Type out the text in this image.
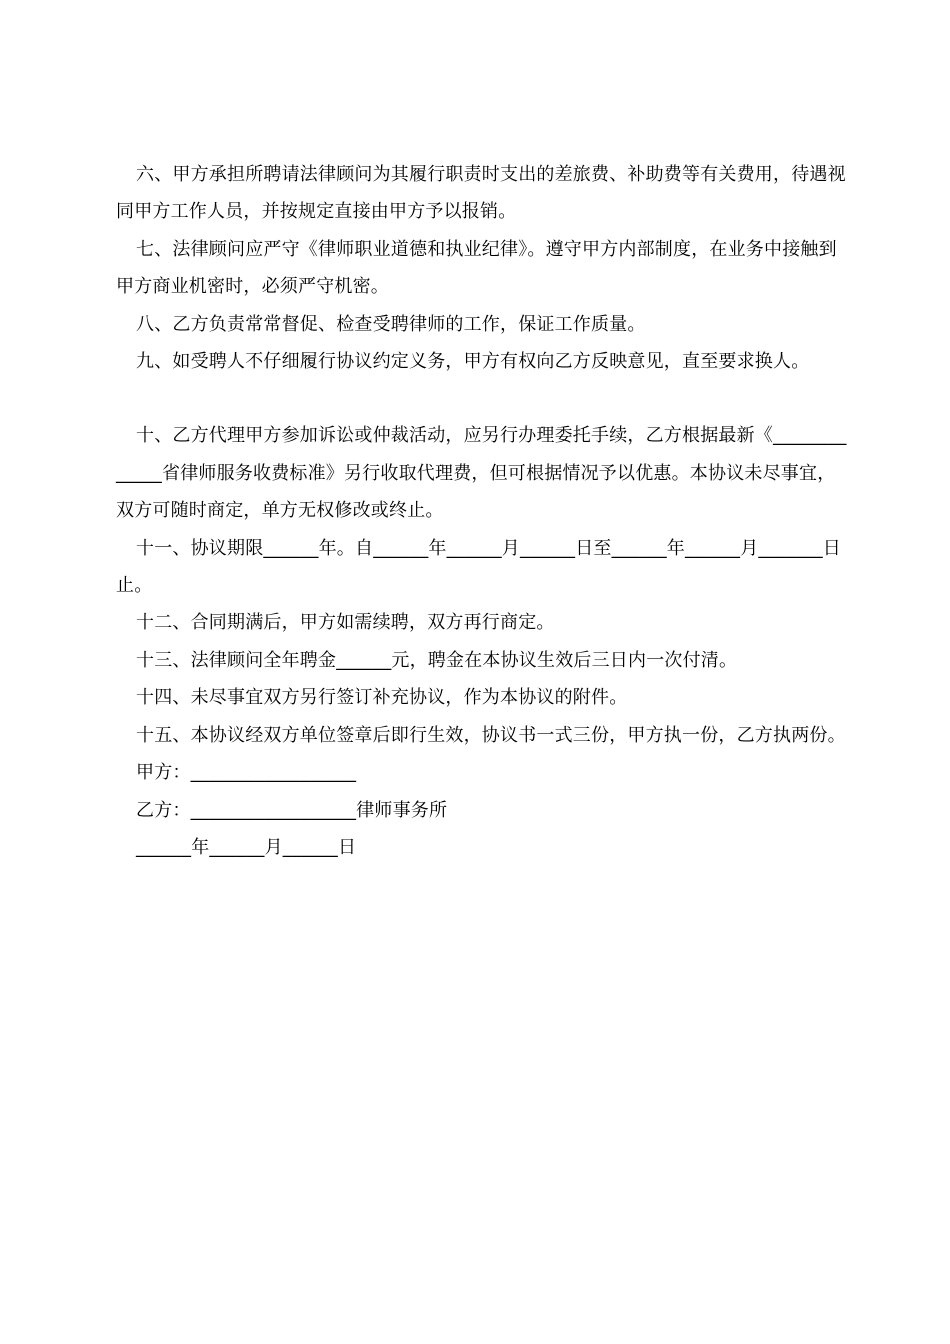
六、甲方承担所聘请法律顾问为其履行职责时支出的差旅费、补助费等有关费用，待遇视同甲方工作人员，并按规定直接由甲方予以报销。

七、法律顾问应严守《律师职业道德和执业纪律》。遵守甲方内部制度，在业务中接触到甲方商业机密时，必须严守机密。

八、乙方负责常常督促、检查受聘律师的工作，保证工作质量。

九、如受聘人不仔细履行协议约定义务，甲方有权向乙方反映意见，直至要求换人。

十、乙方代理甲方参加诉讼或仲裁活动，应另行办理委托手续，乙方根据最新《_____________省律师服务收费标准》另行收取代理费，但可根据情况予以优惠。本协议未尽事宜，双方可随时商定，单方无权修改或终止。

十一、协议期限______年。自______年______月______日至______年______月_______日止。

十二、合同期满后，甲方如需续聘，双方再行商定。

十三、法律顾问全年聘金______元，聘金在本协议生效后三日内一次付清。

十四、未尽事宜双方另行签订补充协议，作为本协议的附件。

十五、本协议经双方单位签章后即行生效，协议书一式三份，甲方执一份，乙方执两份。

甲方：__________________

乙方：__________________律师事务所

______年______月______日
